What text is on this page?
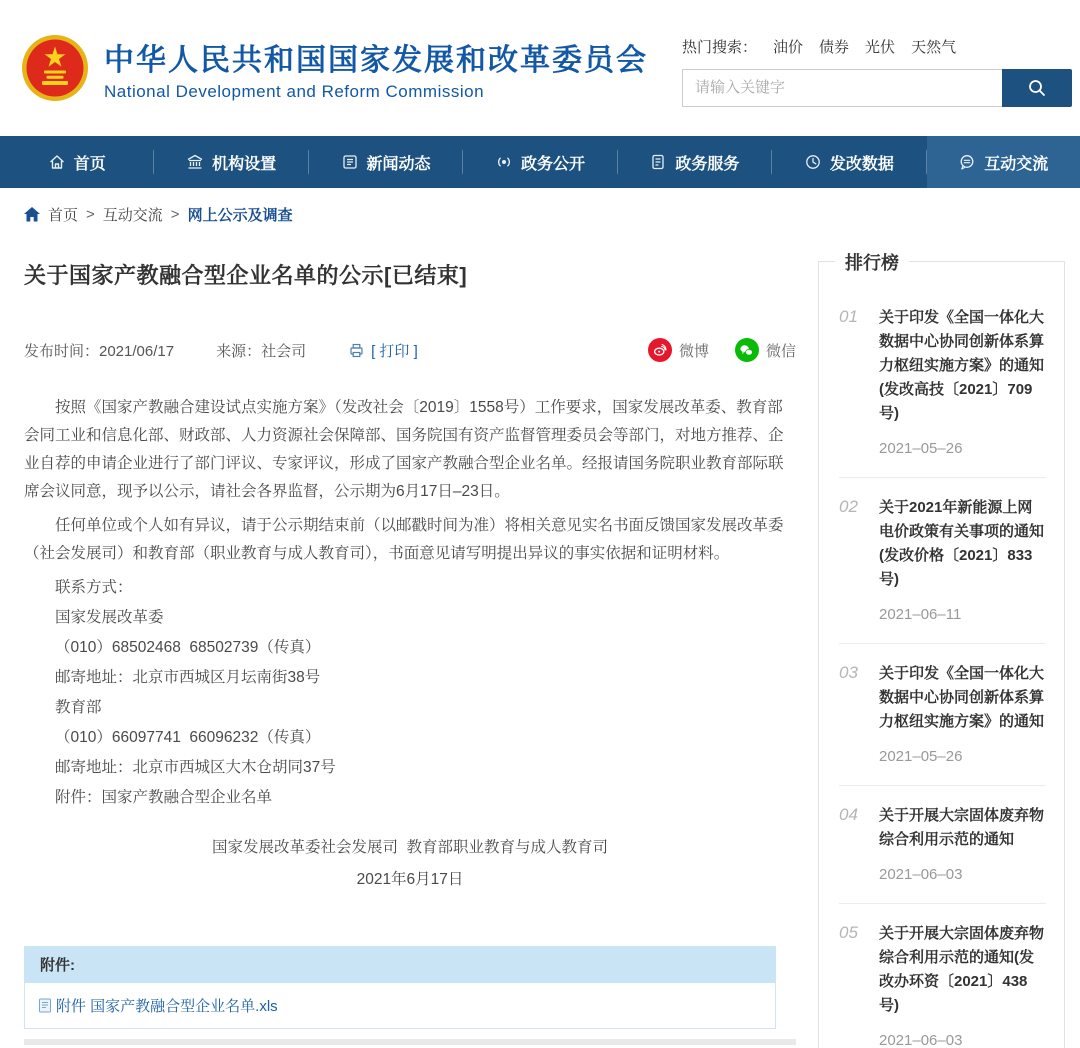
中华人民共和国国家发展和改革委员会
National Development and Reform Commission
热门搜索： 油价 债券 光伏 天然气
请输入关键字
首页	机构设置	新闻动态	政务公开	政务服务	发改数据	互动交流
首页 > 互动交流 > 网上公示及调查
关于国家产教融合型企业名单的公示[已结束]
发布时间：2021/06/17	来源：社会司	[ 打印 ]	微博	微信

按照《国家产教融合建设试点实施方案》（发改社会〔2019〕1558号）工作要求，国家发展改革委、教育部会同工业和信息化部、财政部、人力资源社会保障部、国务院国有资产监督管理委员会等部门，对地方推荐、企业自荐的申请企业进行了部门评议、专家评议，形成了国家产教融合型企业名单。经报请国务院职业教育部际联席会议同意，现予以公示，请社会各界监督，公示期为6月17日–23日。

任何单位或个人如有异议，请于公示期结束前（以邮戳时间为准）将相关意见实名书面反馈国家发展改革委（社会发展司）和教育部（职业教育与成人教育司），书面意见请写明提出异议的事实依据和证明材料。

联系方式：

国家发展改革委

（010）68502468  68502739（传真）

邮寄地址：北京市西城区月坛南街38号

教育部

（010）66097741  66096232（传真）

邮寄地址：北京市西城区大木仓胡同37号

附件：国家产教融合型企业名单

国家发展改革委社会发展司  教育部职业教育与成人教育司

2021年6月17日

附件:
附件 国家产教融合型企业名单.xls
排行榜
01	关于印发《全国一体化大数据中心协同创新体系算力枢纽实施方案》的通知(发改高技〔2021〕709号)
2021–05–26
02	关于2021年新能源上网电价政策有关事项的通知(发改价格〔2021〕833号)
2021–06–11
03	关于印发《全国一体化大数据中心协同创新体系算力枢纽实施方案》的通知
2021–05–26
04	关于开展大宗固体废弃物综合利用示范的通知
2021–06–03
05	关于开展大宗固体废弃物综合利用示范的通知(发改办环资〔2021〕438号)
2021–06–03
